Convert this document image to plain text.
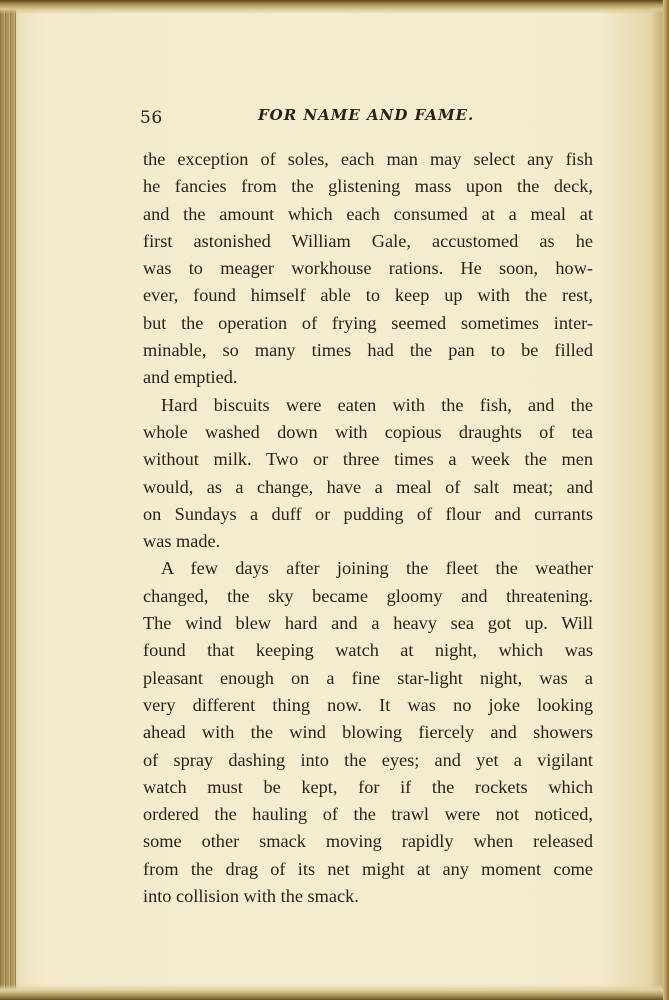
56	FOR NAME AND FAME.
the exception of soles, each man may select any fish
he fancies from the glistening mass upon the deck,
and the amount which each consumed at a meal at
first astonished William Gale, accustomed as he
was to meager workhouse rations. He soon, how-
ever, found himself able to keep up with the rest,
but the operation of frying seemed sometimes inter-
minable, so many times had the pan to be filled
and emptied.
Hard biscuits were eaten with the fish, and the
whole washed down with copious draughts of tea
without milk. Two or three times a week the men
would, as a change, have a meal of salt meat; and
on Sundays a duff or pudding of flour and currants
was made.
A few days after joining the fleet the weather
changed, the sky became gloomy and threatening.
The wind blew hard and a heavy sea got up. Will
found that keeping watch at night, which was
pleasant enough on a fine star-light night, was a
very different thing now. It was no joke looking
ahead with the wind blowing fiercely and showers
of spray dashing into the eyes; and yet a vigilant
watch must be kept, for if the rockets which
ordered the hauling of the trawl were not noticed,
some other smack moving rapidly when released
from the drag of its net might at any moment come
into collision with the smack.
